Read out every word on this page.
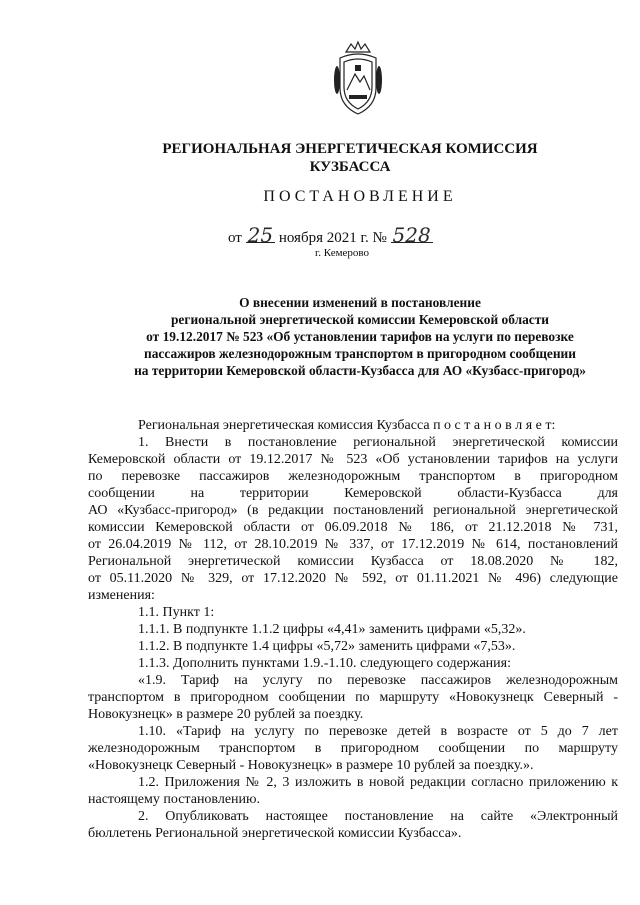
РЕГИОНАЛЬНАЯ ЭНЕРГЕТИЧЕСКАЯ КОМИССИЯ
КУЗБАССА
ПОСТАНОВЛЕНИЕ
от 25 ноября 2021 г. № 528
г. Кемерово
О внесении изменений в постановление
региональной энергетической комиссии Кемеровской области
от 19.12.2017 № 523 «Об установлении тарифов на услуги по перевозке
пассажиров железнодорожным транспортом в пригородном сообщении
на территории Кемеровской области-Кузбасса для АО «Кузбасс-пригород»
Региональная энергетическая комиссия Кузбасса п о с т а н о в л я е т:
1. Внести в постановление региональной энергетической комиссии
Кемеровской области от 19.12.2017 № 523 «Об установлении тарифов на услуги
по перевозке пассажиров железнодорожным транспортом в пригородном
сообщении на территории Кемеровской области-Кузбасса для
АО «Кузбасс-пригород» (в редакции постановлений региональной энергетической
комиссии Кемеровской области от 06.09.2018 № 186, от 21.12.2018 № 731,
от 26.04.2019 № 112, от 28.10.2019 № 337, от 17.12.2019 № 614, постановлений
Региональной энергетической комиссии Кузбасса от 18.08.2020 № 182,
от 05.11.2020 № 329, от 17.12.2020 № 592, от 01.11.2021 № 496) следующие
изменения:
1.1. Пункт 1:
1.1.1. В подпункте 1.1.2 цифры «4,41» заменить цифрами «5,32».
1.1.2. В подпункте 1.4 цифры «5,72» заменить цифрами «7,53».
1.1.3. Дополнить пунктами 1.9.-1.10. следующего содержания:
«1.9. Тариф на услугу по перевозке пассажиров железнодорожным
транспортом в пригородном сообщении по маршруту «Новокузнецк Северный -
Новокузнецк» в размере 20 рублей за поездку.
1.10. «Тариф на услугу по перевозке детей в возрасте от 5 до 7 лет
железнодорожным транспортом в пригородном сообщении по маршруту
«Новокузнецк Северный - Новокузнецк» в размере 10 рублей за поездку.».
1.2. Приложения № 2, 3 изложить в новой редакции согласно приложению к
настоящему постановлению.
2. Опубликовать настоящее постановление на сайте «Электронный
бюллетень Региональной энергетической комиссии Кузбасса».
